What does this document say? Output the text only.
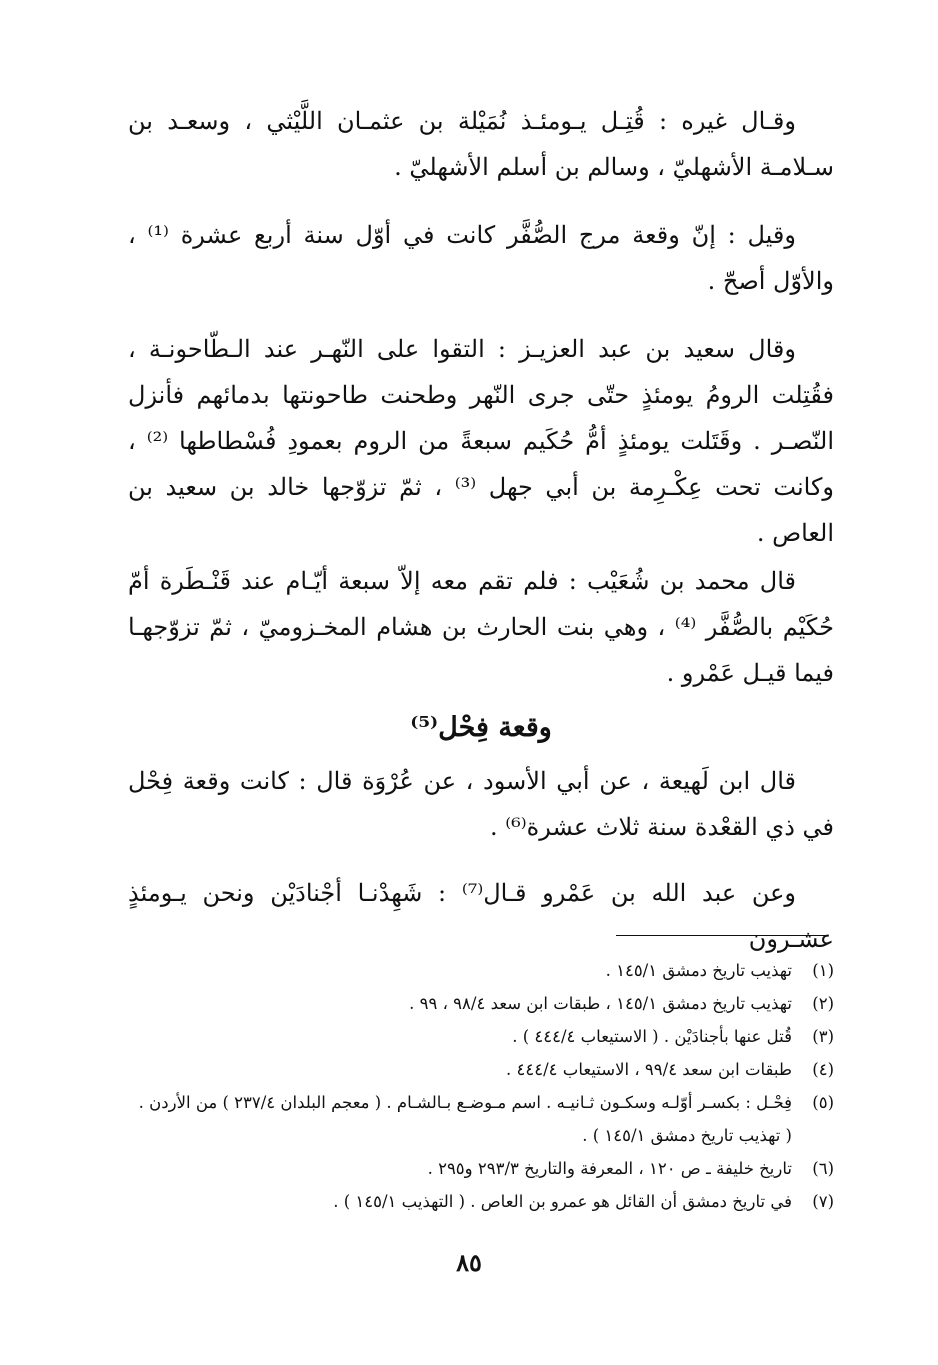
وقـال غيره : قُتِـل يـومئـذ نُمَيْلة بن عثمـان اللَّيْثي ، وسعـد بن سـلامـة الأشهليّ ، وسالم بن أسلم الأشهليّ .

وقيل : إنّ وقعة مرج الصُّفَّر كانت في أوّل سنة أربع عشرة ⁽¹⁾ ، والأوّل أصحّ .

وقال سعيد بن عبد العزيـز : التقوا على النّهـر عند الـطّاحونـة ، فقُتِلت الرومُ يومئذٍ حتّى جرى النّهر وطحنت طاحونتها بدمائهم فأنزل النّصـر . وقَتَلت يومئذٍ أمُّ حُكَيم سبعةً من الروم بعمودِ فُسْطاطها ⁽²⁾ ، وكانت تحت عِكْـرِمة بن أبي جهل ⁽³⁾ ، ثمّ تزوّجها خالد بن سعيد بن العاص .

قال محمد بن شُعَيْب : فلم تقم معه إلاّ سبعة أيّـام عند قَنْـطَرة أمّ حُكَيْم بالصُّفَّر ⁽⁴⁾ ، وهي بنت الحارث بن هشام المخـزوميّ ، ثمّ تزوّجهـا فيما قيـل عَمْرو .

وقعة فِحْل⁽⁵⁾

قال ابن لَهيعة ، عن أبي الأسود ، عن عُرْوَة قال : كانت وقعة فِحْل في ذي القعْدة سنة ثلاث عشرة⁽⁶⁾ .

وعن عبد الله بن عَمْرو قـال⁽⁷⁾ : شَهِدْنـا أجْنادَيْن ونحن يـومئذٍ عشـرون

(١)
تهذيب تاريخ دمشق ١٤٥/١ .
(٢)
تهذيب تاريخ دمشق ١٤٥/١ ، طبقات ابن سعد ٩٨/٤ ، ٩٩ .
(٣)
قُتل عنها بأجنادَيْن . ( الاستيعاب ٤٤٤/٤ ) .
(٤)
طبقات ابن سعد ٩٩/٤ ، الاستيعاب ٤٤٤/٤ .
(٥)
فِحْـل : بكسـر أوّلـه وسكـون ثـانيـه . اسم مـوضـع بـالشـام . ( معجم البلدان ٢٣٧/٤ ) من الأردن . ( تهذيب تاريخ دمشق ١٤٥/١ ) .
(٦)
تاريخ خليفة ـ ص ١٢٠ ، المعرفة والتاريخ ٢٩٣/٣ و٢٩٥ .
(٧)
في تاريخ دمشق أن القائل هو عمرو بن العاص . ( التهذيب ١٤٥/١ ) .
٨٥
